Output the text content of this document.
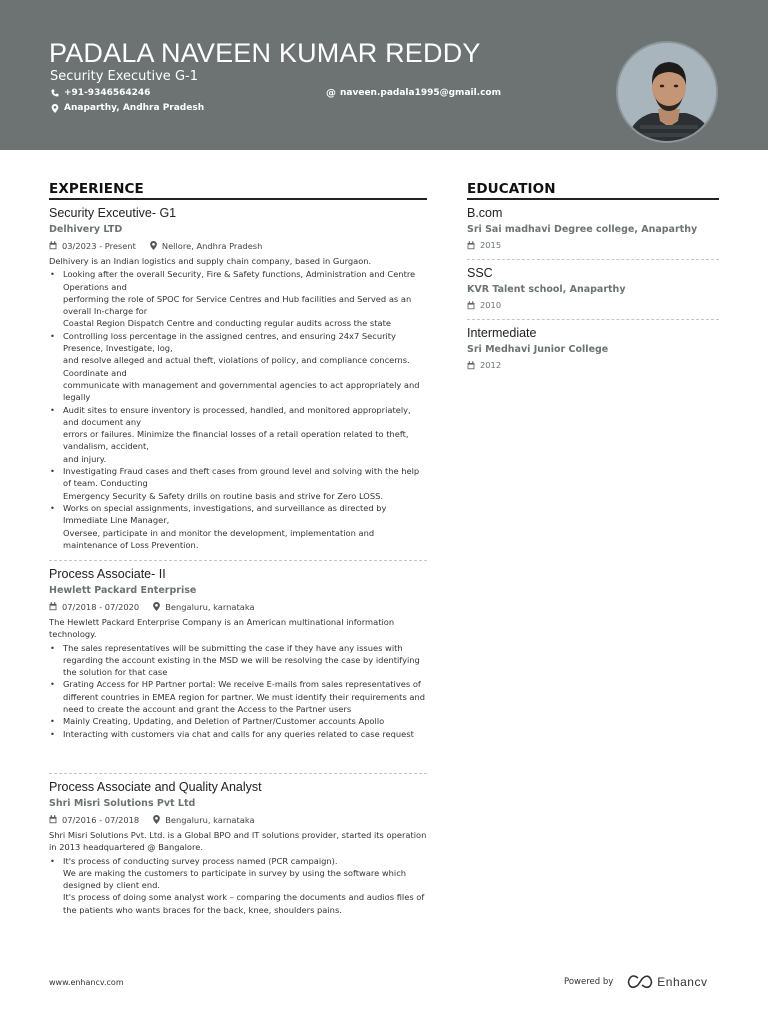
PADALA NAVEEN KUMAR REDDY
Security Executive G-1
+91-9346564246	@ naveen.padala1995@gmail.com
Anaparthy, Andhra Pradesh
EXPERIENCE
Security Exceutive- G1
Delhivery LTD
03/2023 - Present	Nellore, Andhra Pradesh
Delhivery is an Indian logistics and supply chain company, based in Gurgaon.
• Looking after the overall Security, Fire & Safety functions, Administration and Centre Operations and
performing the role of SPOC for Service Centres and Hub facilities and Served as an overall In-charge for
Coastal Region Dispatch Centre and conducting regular audits across the state
• Controlling loss percentage in the assigned centres, and ensuring 24x7 Security Presence, Investigate, log,
and resolve alleged and actual theft, violations of policy, and compliance concerns. Coordinate and
communicate with management and governmental agencies to act appropriately and legally
• Audit sites to ensure inventory is processed, handled, and monitored appropriately, and document any
errors or failures. Minimize the financial losses of a retail operation related to theft, vandalism, accident,
and injury.
• Investigating Fraud cases and theft cases from ground level and solving with the help of team. Conducting
Emergency Security & Safety drills on routine basis and strive for Zero LOSS.
• Works on special assignments, investigations, and surveillance as directed by Immediate Line Manager,
Oversee, participate in and monitor the development, implementation and maintenance of Loss Prevention.
Process Associate- II
Hewlett Packard Enterprise
07/2018 - 07/2020	Bengaluru, karnataka
The Hewlett Packard Enterprise Company is an American multinational information technology.
• The sales representatives will be submitting the case if they have any issues with regarding the account existing in the MSD we will be resolving the case by identifying the solution for that case
• Grating Access for HP Partner portal: We receive E-mails from sales representatives of different countries in EMEA region for partner. We must identify their requirements and need to create the account and grant the Access to the Partner users
• Mainly Creating, Updating, and Deletion of Partner/Customer accounts Apollo
• Interacting with customers via chat and calls for any queries related to case request
Process Associate and Quality Analyst
Shri Misri Solutions Pvt Ltd
07/2016 - 07/2018	Bengaluru, karnataka
Shri Misri Solutions Pvt. Ltd. is a Global BPO and IT solutions provider, started its operation in 2013 headquartered @ Bangalore.
• It's process of conducting survey process named (PCR campaign).
We are making the customers to participate in survey by using the software which designed by client end.
It's process of doing some analyst work – comparing the documents and audios files of the patients who wants braces for the back, knee, shoulders pains.
EDUCATION
B.com
Sri Sai madhavi Degree college, Anaparthy
2015
SSC
KVR Talent school, Anaparthy
2010
Intermediate
Sri Medhavi Junior College
2012
www.enhancv.com	Powered by	Enhancv
